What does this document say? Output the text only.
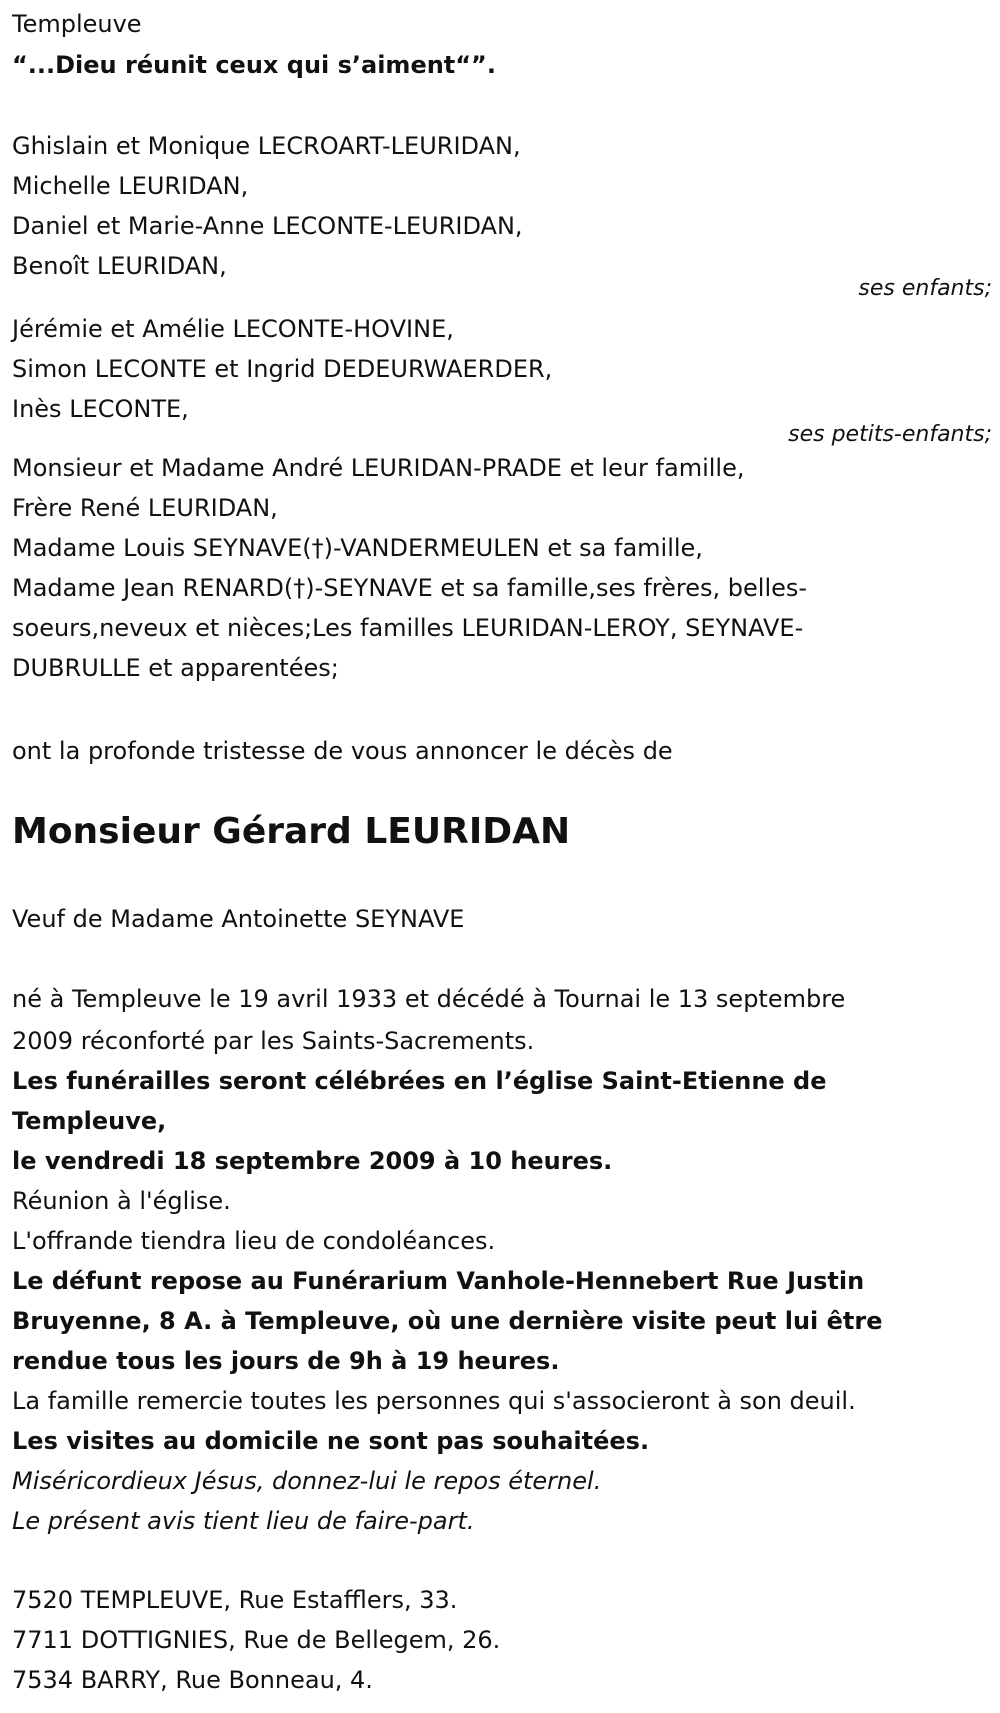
Templeuve
“...Dieu réunit ceux qui s’aiment“”.
Ghislain et Monique LECROART-LEURIDAN,
Michelle LEURIDAN,
Daniel et Marie-Anne LECONTE-LEURIDAN,
Benoît LEURIDAN,
ses enfants;
Jérémie et Amélie LECONTE-HOVINE,
Simon LECONTE et Ingrid DEDEURWAERDER,
Inès LECONTE,
ses petits-enfants;
Monsieur et Madame André LEURIDAN-PRADE et leur famille,
Frère René LEURIDAN,
Madame Louis SEYNAVE(†)-VANDERMEULEN et sa famille,
Madame Jean RENARD(†)-SEYNAVE et sa famille,ses frères, belles-
soeurs,neveux et nièces;Les familles LEURIDAN-LEROY, SEYNAVE-
DUBRULLE et apparentées;
ont la profonde tristesse de vous annoncer le décès de
Monsieur Gérard LEURIDAN
Veuf de Madame Antoinette SEYNAVE
né à Templeuve le 19 avril 1933 et décédé à Tournai le 13 septembre
2009 réconforté par les Saints-Sacrements.
Les funérailles seront célébrées en l’église Saint-Etienne de
Templeuve,
le vendredi 18 septembre 2009 à 10 heures.
Réunion à l'église.
L'offrande tiendra lieu de condoléances.
Le défunt repose au Funérarium Vanhole-Hennebert Rue Justin
Bruyenne, 8 A. à Templeuve, où une dernière visite peut lui être
rendue tous les jours de 9h à 19 heures.
La famille remercie toutes les personnes qui s'associeront à son deuil.
Les visites au domicile ne sont pas souhaitées.
Miséricordieux Jésus, donnez-lui le repos éternel.
Le présent avis tient lieu de faire-part.
7520 TEMPLEUVE, Rue Estafflers, 33.
7711 DOTTIGNIES, Rue de Bellegem, 26.
7534 BARRY, Rue Bonneau, 4.
